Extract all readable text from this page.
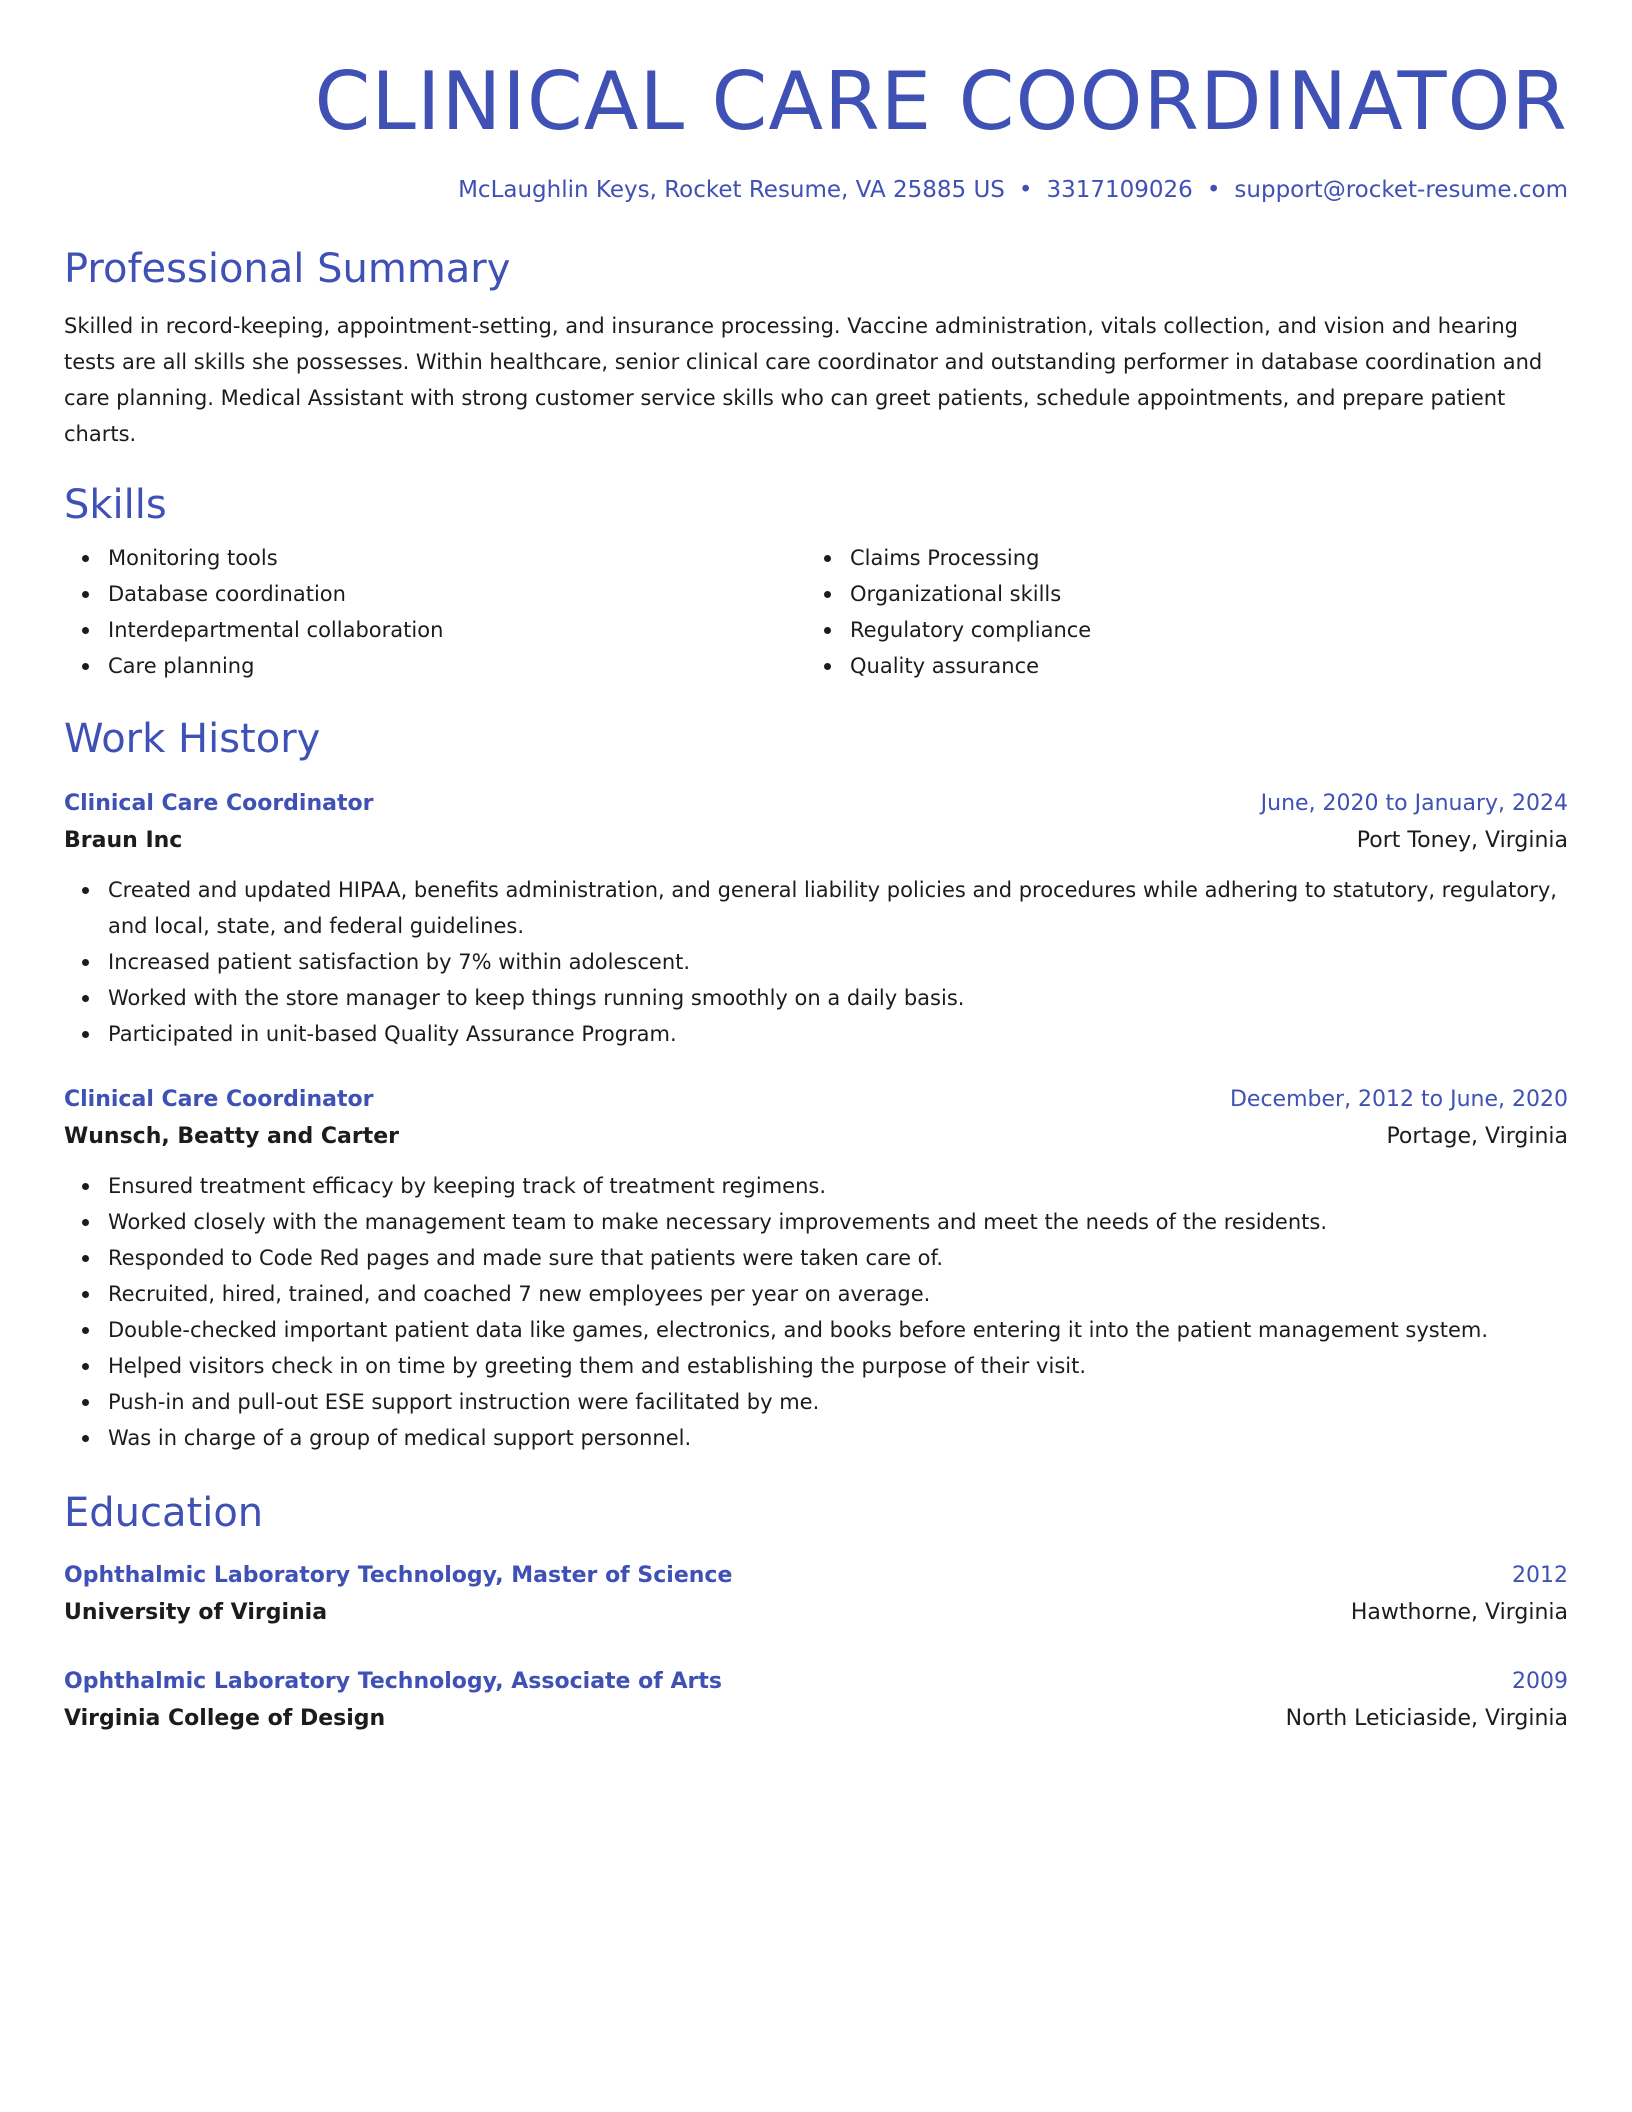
CLINICAL CARE COORDINATOR
McLaughlin Keys, Rocket Resume, VA 25885 US • 3317109026 • support@rocket-resume.com
Professional Summary

Skilled in record-keeping, appointment-setting, and insurance processing. Vaccine administration, vitals collection, and vision and hearing tests are all skills she possesses. Within healthcare, senior clinical care coordinator and outstanding performer in database coordination and care planning. Medical Assistant with strong customer service skills who can greet patients, schedule appointments, and prepare patient charts.

Skills
Monitoring tools
Database coordination
Interdepartmental collaboration
Care planning
Claims Processing
Organizational skills
Regulatory compliance
Quality assurance
Work History
Clinical Care Coordinator	June, 2020 to January, 2024
Braun Inc	Port Toney, Virginia
Created and updated HIPAA, benefits administration, and general liability policies and procedures while adhering to statutory, regulatory, and local, state, and federal guidelines.
Increased patient satisfaction by 7% within adolescent.
Worked with the store manager to keep things running smoothly on a daily basis.
Participated in unit-based Quality Assurance Program.
Clinical Care Coordinator	December, 2012 to June, 2020
Wunsch, Beatty and Carter	Portage, Virginia
Ensured treatment efficacy by keeping track of treatment regimens.
Worked closely with the management team to make necessary improvements and meet the needs of the residents.
Responded to Code Red pages and made sure that patients were taken care of.
Recruited, hired, trained, and coached 7 new employees per year on average.
Double-checked important patient data like games, electronics, and books before entering it into the patient management system.
Helped visitors check in on time by greeting them and establishing the purpose of their visit.
Push-in and pull-out ESE support instruction were facilitated by me.
Was in charge of a group of medical support personnel.
Education
Ophthalmic Laboratory Technology, Master of Science	2012
University of Virginia	Hawthorne, Virginia
Ophthalmic Laboratory Technology, Associate of Arts	2009
Virginia College of Design	North Leticiaside, Virginia
